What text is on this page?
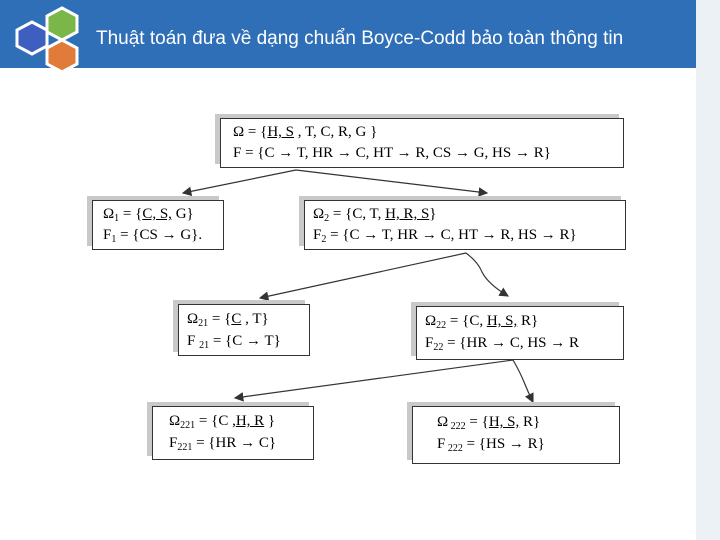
Thuật toán đưa về dạng chuẩn Boyce-Codd bảo toàn thông tin
Ω = {H, S , T, C, R, G }
F = {C → T, HR → C, HT → R, CS → G, HS → R}
$\Omega_1 = \{C$, S, G}
$F_1 = \{CS \to G\}$.
$\Omega_2 = \{C$, T, H, R, S}
$F_2 = \{C \to T$, HR → C, HT → R, HS → R}
$\Omega_{21} = \{C$ , T}
F $_{21}$ = {C → T}
$\Omega_{22} = \{C$, H, S, R}
$F_{22} = \{HR \to C$, HS → R
$\Omega_{221} = \{C$ ,H, R }
$F_{221} = \{HR \to C\}$
Ω $_{222}$ = {H, S, R}
F $_{222}$ = {HS → R}
